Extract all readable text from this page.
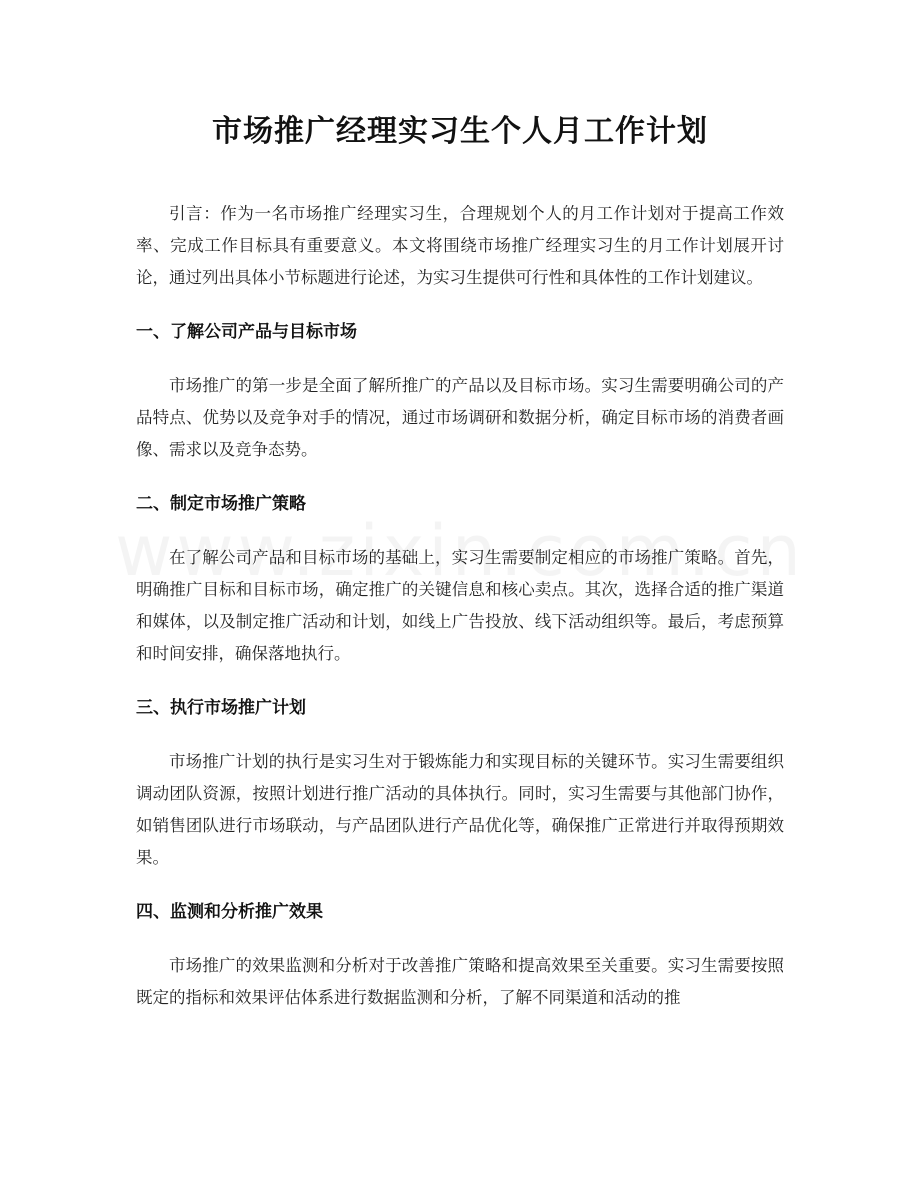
市场推广经理实习生个人月工作计划

引言：作为一名市场推广经理实习生，合理规划个人的月工作计划对于提高工作效率、完成工作目标具有重要意义。本文将围绕市场推广经理实习生的月工作计划展开讨论，通过列出具体小节标题进行论述，为实习生提供可行性和具体性的工作计划建议。

一、了解公司产品与目标市场

市场推广的第一步是全面了解所推广的产品以及目标市场。实习生需要明确公司的产品特点、优势以及竞争对手的情况，通过市场调研和数据分析，确定目标市场的消费者画像、需求以及竞争态势。

二、制定市场推广策略

在了解公司产品和目标市场的基础上，实习生需要制定相应的市场推广策略。首先，明确推广目标和目标市场，确定推广的关键信息和核心卖点。其次，选择合适的推广渠道和媒体，以及制定推广活动和计划，如线上广告投放、线下活动组织等。最后，考虑预算和时间安排，确保落地执行。

三、执行市场推广计划

市场推广计划的执行是实习生对于锻炼能力和实现目标的关键环节。实习生需要组织调动团队资源，按照计划进行推广活动的具体执行。同时，实习生需要与其他部门协作，如销售团队进行市场联动，与产品团队进行产品优化等，确保推广正常进行并取得预期效果。

四、监测和分析推广效果

市场推广的效果监测和分析对于改善推广策略和提高效果至关重要。实习生需要按照既定的指标和效果评估体系进行数据监测和分析，了解不同渠道和活动的推
